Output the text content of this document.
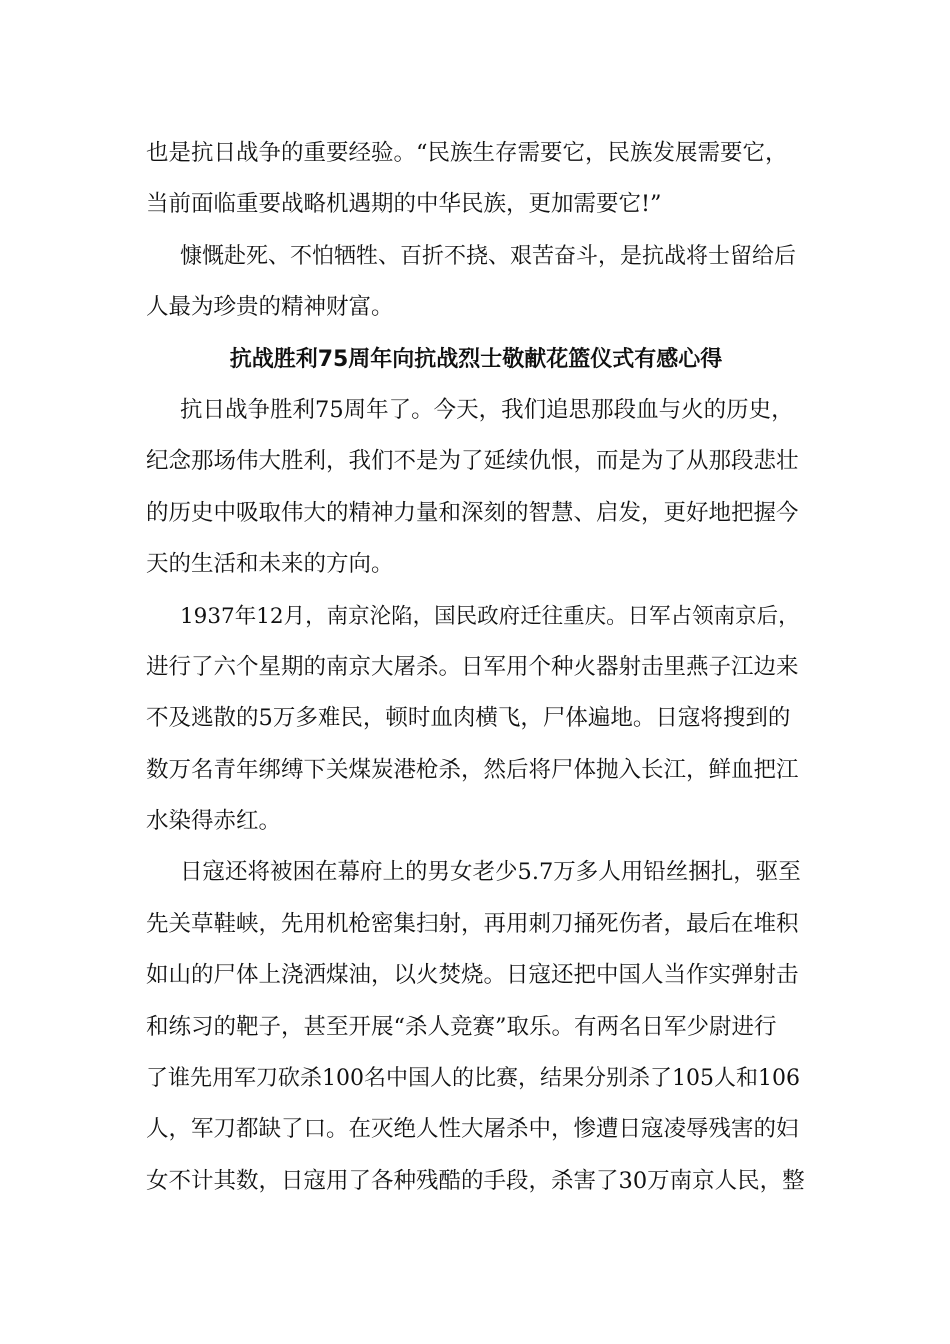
也是抗日战争的重要经验。“民族生存需要它，民族发展需要它，
当前面临重要战略机遇期的中华民族，更加需要它!”
慷慨赴死、不怕牺牲、百折不挠、艰苦奋斗，是抗战将士留给后
人最为珍贵的精神财富。
抗战胜利75周年向抗战烈士敬献花篮仪式有感心得
抗日战争胜利75周年了。今天，我们追思那段血与火的历史，
纪念那场伟大胜利，我们不是为了延续仇恨，而是为了从那段悲壮
的历史中吸取伟大的精神力量和深刻的智慧、启发，更好地把握今
天的生活和未来的方向。
1937年12月，南京沦陷，国民政府迁往重庆。日军占领南京后，
进行了六个星期的南京大屠杀。日军用个种火器射击里燕子江边来
不及逃散的5万多难民，顿时血肉横飞，尸体遍地。日寇将搜到的
数万名青年绑缚下关煤炭港枪杀，然后将尸体抛入长江，鲜血把江
水染得赤红。
日寇还将被困在幕府上的男女老少5.7万多人用铅丝捆扎，驱至
先关草鞋峡，先用机枪密集扫射，再用刺刀捅死伤者，最后在堆积
如山的尸体上浇洒煤油，以火焚烧。日寇还把中国人当作实弹射击
和练习的靶子，甚至开展“杀人竞赛”取乐。有两名日军少尉进行
了谁先用军刀砍杀100名中国人的比赛，结果分别杀了105人和106
人，军刀都缺了口。在灭绝人性大屠杀中，惨遭日寇凌辱残害的妇
女不计其数，日寇用了各种残酷的手段，杀害了30万南京人民，整
